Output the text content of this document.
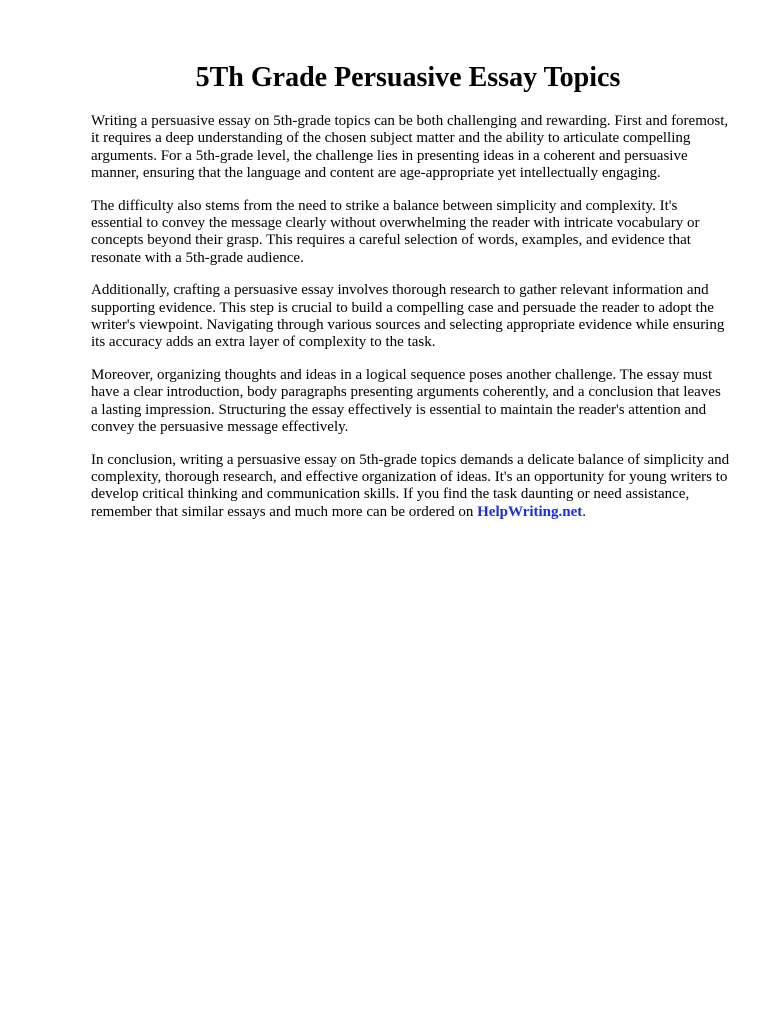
5Th Grade Persuasive Essay Topics

Writing a persuasive essay on 5th-grade topics can be both challenging and rewarding. First and foremost, it requires a deep understanding of the chosen subject matter and the ability to articulate compelling arguments. For a 5th-grade level, the challenge lies in presenting ideas in a coherent and persuasive manner, ensuring that the language and content are age-appropriate yet intellectually engaging.

The difficulty also stems from the need to strike a balance between simplicity and complexity. It's essential to convey the message clearly without overwhelming the reader with intricate vocabulary or concepts beyond their grasp. This requires a careful selection of words, examples, and evidence that resonate with a 5th-grade audience.

Additionally, crafting a persuasive essay involves thorough research to gather relevant information and supporting evidence. This step is crucial to build a compelling case and persuade the reader to adopt the writer's viewpoint. Navigating through various sources and selecting appropriate evidence while ensuring its accuracy adds an extra layer of complexity to the task.

Moreover, organizing thoughts and ideas in a logical sequence poses another challenge. The essay must have a clear introduction, body paragraphs presenting arguments coherently, and a conclusion that leaves a lasting impression. Structuring the essay effectively is essential to maintain the reader's attention and convey the persuasive message effectively.

In conclusion, writing a persuasive essay on 5th-grade topics demands a delicate balance of simplicity and complexity, thorough research, and effective organization of ideas. It's an opportunity for young writers to develop critical thinking and communication skills. If you find the task daunting or need assistance, remember that similar essays and much more can be ordered on HelpWriting.net.
